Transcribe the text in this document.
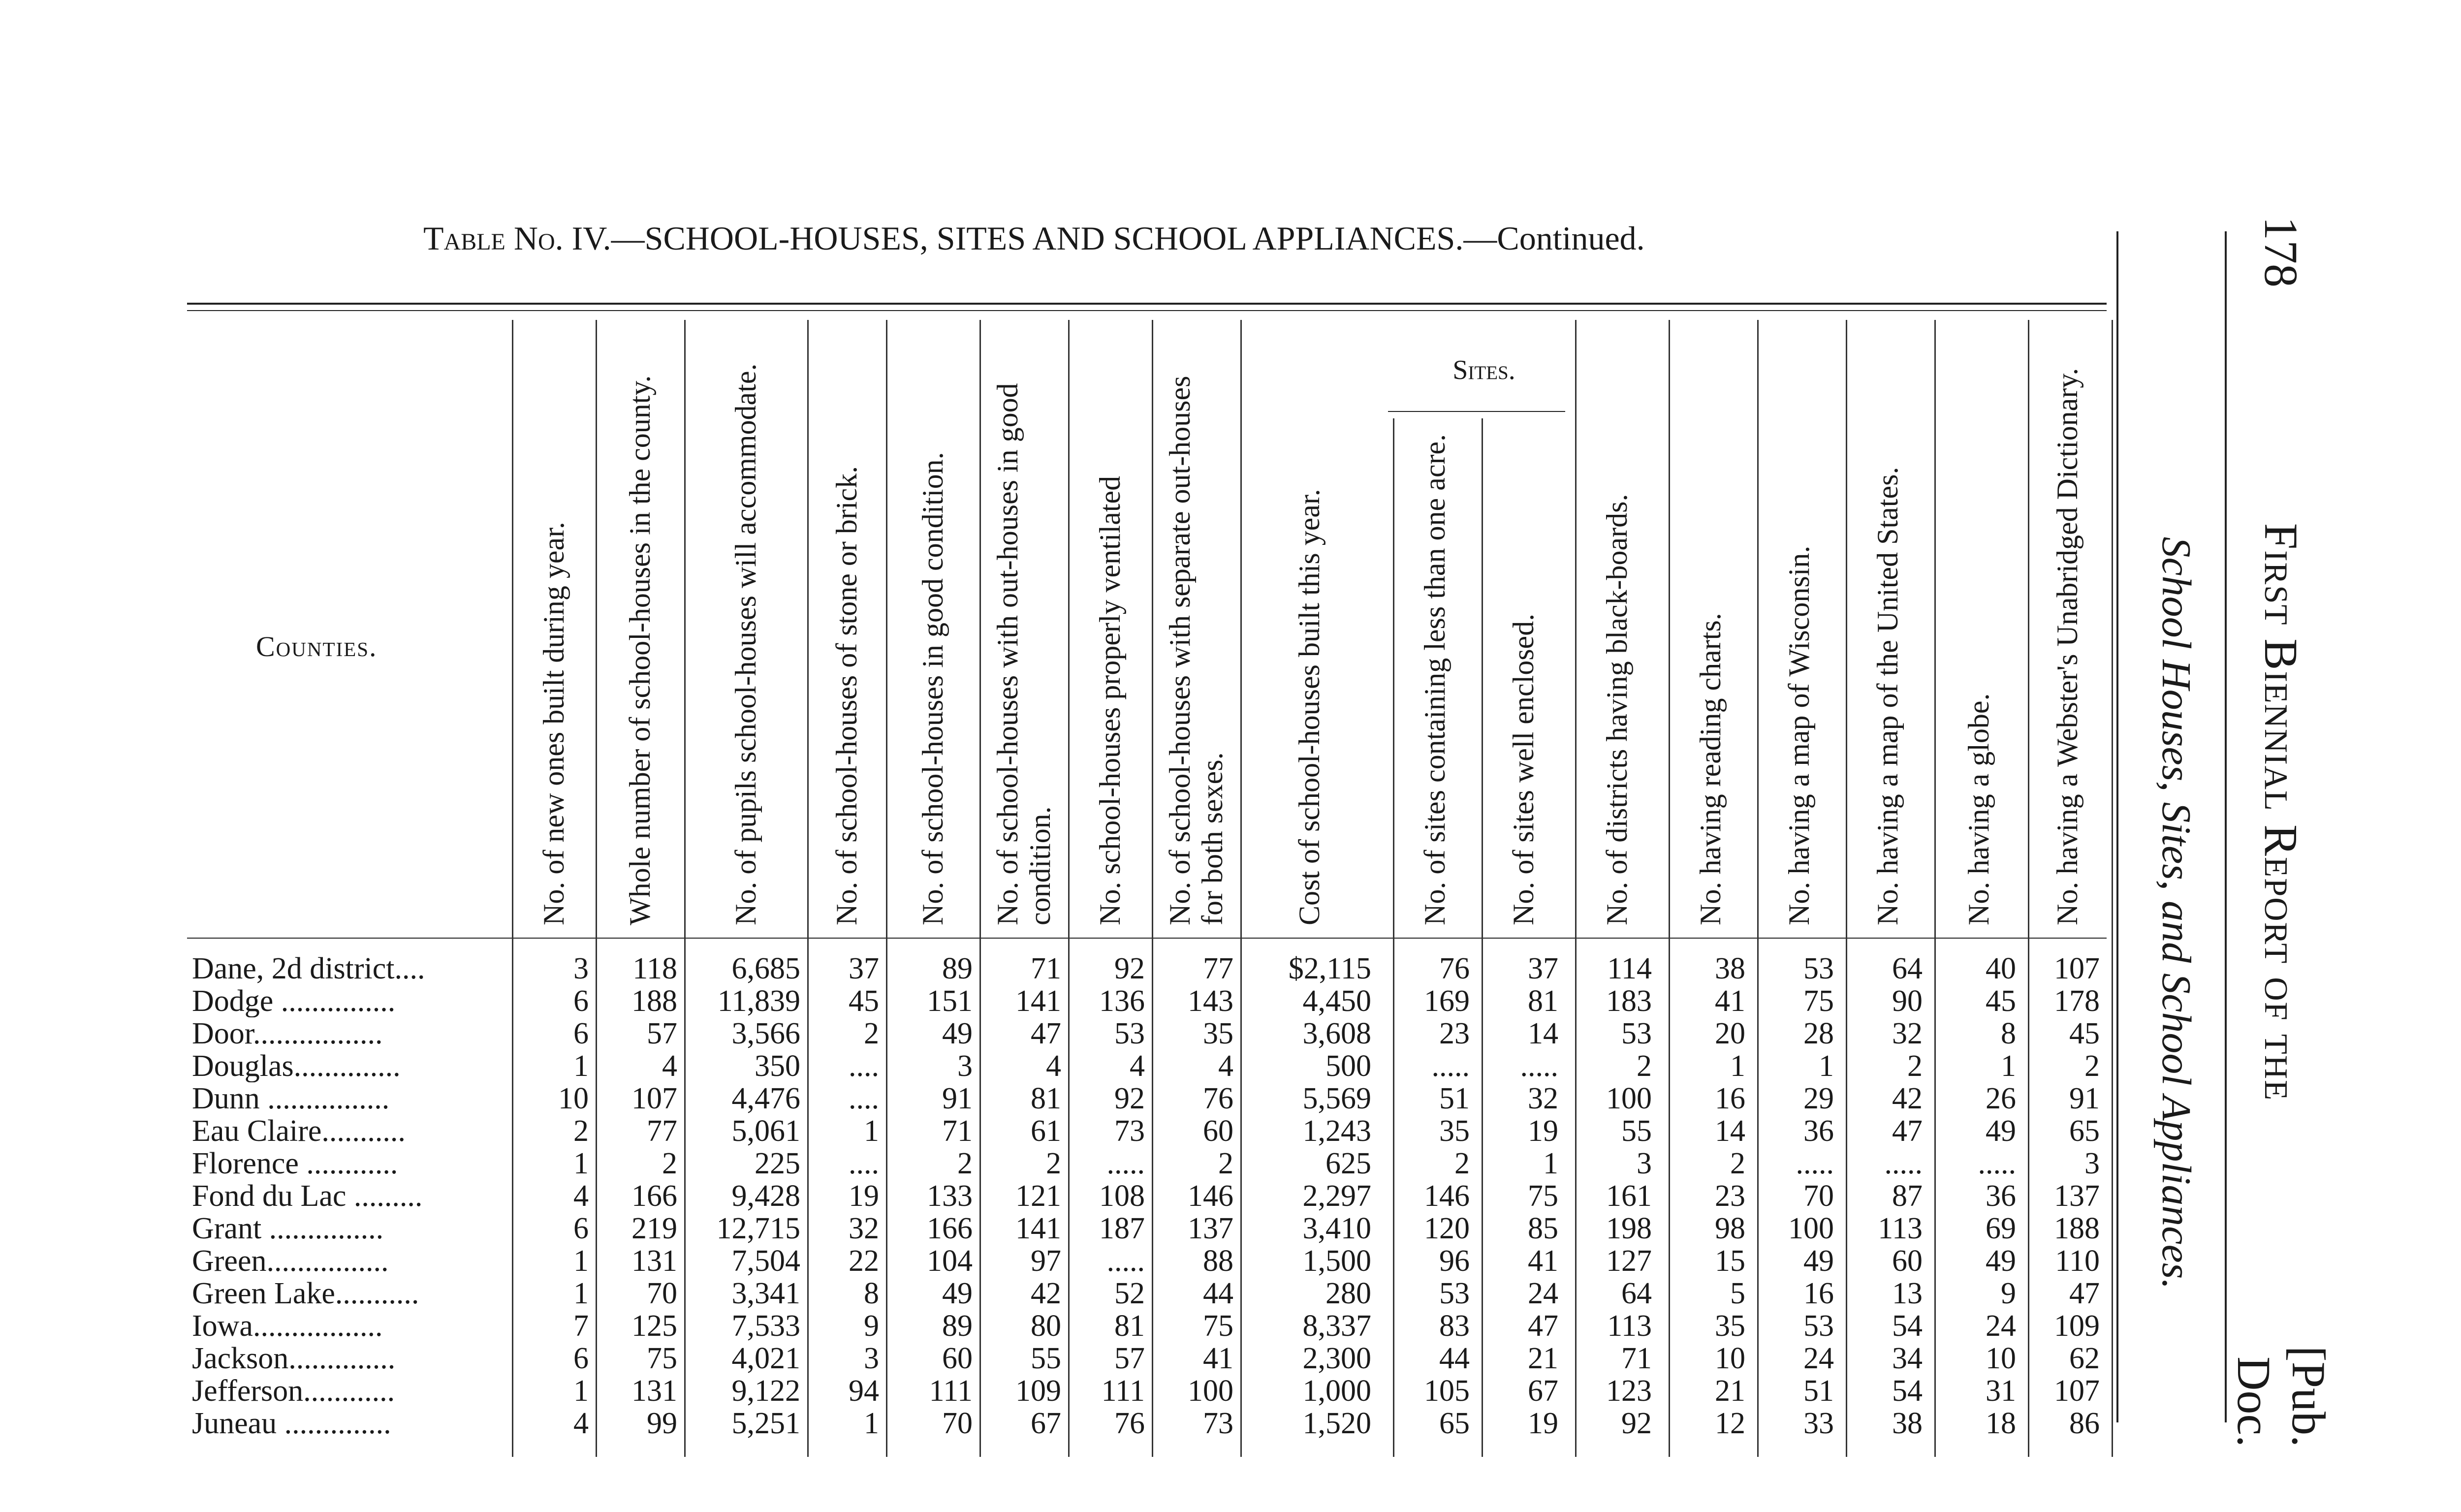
178
First Biennial Report of the
[Pub. Doc.
School Houses, Sites, and School Appliances.
Table No. IV.—SCHOOL-HOUSES, SITES AND SCHOOL APPLIANCES.—Continued.
Counties.
Sites.
No. of new ones built during year.	Whole number of school-houses in the county.	No. of pupils school-houses will accommodate.	No. of school-houses of stone or brick.	No. of school-houses in good condition.	No. of school-houses with out-houses in good condition.	No. school-houses properly ventilated	No. of school-houses with separate out-houses for both sexes.	Cost of school-houses built this year.	No. of sites containing less than one acre.	No. of sites well enclosed.	No. of districts having black-boards.	No. having reading charts.	No. having a map of Wisconsin.	No. having a map of the United States.	No. having a globe.	No. having a Webster's Unabridged Dictionary.
Dane, 2d district....	3	118	6,685	37	89	71	92	77	$2,115	76	37	114	38	53	64	40	107
Dodge ...............	6	188	11,839	45	151	141	136	143	4,450	169	81	183	41	75	90	45	178
Door.................	6	57	3,566	2	49	47	53	35	3,608	23	14	53	20	28	32	8	45
Douglas..............	1	4	350	....	3	4	4	4	500	.....	.....	2	1	1	2	1	2
Dunn ................	10	107	4,476	....	91	81	92	76	5,569	51	32	100	16	29	42	26	91
Eau Claire...........	2	77	5,061	1	71	61	73	60	1,243	35	19	55	14	36	47	49	65
Florence ............	1	2	225	....	2	2	.....	2	625	2	1	3	2	.....	.....	.....	3
Fond du Lac .........	4	166	9,428	19	133	121	108	146	2,297	146	75	161	23	70	87	36	137
Grant ...............	6	219	12,715	32	166	141	187	137	3,410	120	85	198	98	100	113	69	188
Green................	1	131	7,504	22	104	97	.....	88	1,500	96	41	127	15	49	60	49	110
Green Lake...........	1	70	3,341	8	49	42	52	44	280	53	24	64	5	16	13	9	47
Iowa.................	7	125	7,533	9	89	80	81	75	8,337	83	47	113	35	53	54	24	109
Jackson..............	6	75	4,021	3	60	55	57	41	2,300	44	21	71	10	24	34	10	62
Jefferson............	1	131	9,122	94	111	109	111	100	1,000	105	67	123	21	51	54	31	107
Juneau ..............	4	99	5,251	1	70	67	76	73	1,520	65	19	92	12	33	38	18	86
